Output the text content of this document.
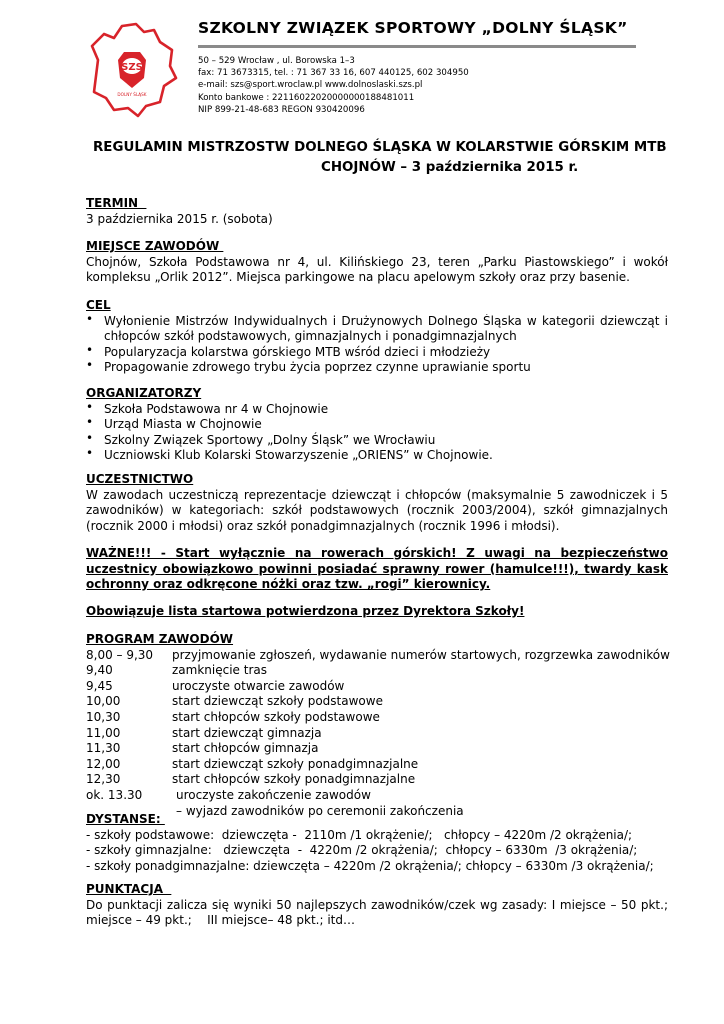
SZS
DOLNY ŚLĄSK
SZKOLNY ZWIĄZEK SPORTOWY „DOLNY ŚLĄSK”
50 – 529 Wrocław , ul. Borowska 1–3
fax: 71 3673315, tel. : 71 367 33 16, 607 440125, 602 304950
e-mail: szs@sport.wroclaw.pl www.dolnoslaski.szs.pl
Konto bankowe : 22116022020000000188481011
NIP 899-21-48-683 REGON 930420096
REGULAMIN MISTRZOSTW DOLNEGO ŚLĄSKA W KOLARSTWIE GÓRSKIM MTB
CHOJNÓW – 3 października 2015 r.
TERMIN
3 października 2015 r. (sobota)
MIEJSCE ZAWODÓW
Chojnów, Szkoła Podstawowa nr 4, ul. Kilińskiego 23, teren „Parku Piastowskiego” i wokół
kompleksu „Orlik 2012”. Miejsca parkingowe na placu apelowym szkoły oraz przy basenie.
CEL
• Wyłonienie Mistrzów Indywidualnych i Drużynowych Dolnego Śląska w kategorii dziewcząt i
chłopców szkół podstawowych, gimnazjalnych i ponadgimnazjalnych
• Popularyzacja kolarstwa górskiego MTB wśród dzieci i młodzieży
• Propagowanie zdrowego trybu życia poprzez czynne uprawianie sportu
ORGANIZATORZY
• Szkoła Podstawowa nr 4 w Chojnowie
• Urząd Miasta w Chojnowie
• Szkolny Związek Sportowy „Dolny Śląsk” we Wrocławiu
• Uczniowski Klub Kolarski Stowarzyszenie „ORIENS” w Chojnowie.
UCZESTNICTWO
W zawodach uczestniczą reprezentacje dziewcząt i chłopców (maksymalnie 5 zawodniczek i 5
zawodników) w kategoriach: szkół podstawowych (rocznik 2003/2004), szkół gimnazjalnych
(rocznik 2000 i młodsi) oraz szkół ponadgimnazjalnych (rocznik 1996 i młodsi).
WAŻNE!!! - Start wyłącznie na rowerach górskich! Z uwagi na bezpieczeństwo
uczestnicy obowiązkowo powinni posiadać sprawny rower (hamulce!!!), twardy kask
ochronny oraz odkręcone nóżki oraz tzw. „rogi” kierownicy.
Obowiązuje lista startowa potwierdzona przez Dyrektora Szkoły!
PROGRAM ZAWODÓW
8,00 – 9,30	przyjmowanie zgłoszeń, wydawanie numerów startowych, rozgrzewka zawodników
9,40	zamknięcie tras
9,45	uroczyste otwarcie zawodów
10,00	start dziewcząt szkoły podstawowe
10,30	start chłopców szkoły podstawowe
11,00	start dziewcząt gimnazja
11,30	start chłopców gimnazja
12,00	start dziewcząt szkoły ponadgimnazjalne
12,30	start chłopców szkoły ponadgimnazjalne
ok. 13.30	uroczyste zakończenie zawodów
– wyjazd zawodników po ceremonii zakończenia
DYSTANSE:
- szkoły podstawowe:  dziewczęta -  2110m /1 okrążenie/;   chłopcy – 4220m /2 okrążenia/;
- szkoły gimnazjalne:   dziewczęta  -  4220m /2 okrążenia/;  chłopcy – 6330m  /3 okrążenia/;
- szkoły ponadgimnazjalne: dziewczęta – 4220m /2 okrążenia/; chłopcy – 6330m /3 okrążenia/;
PUNKTACJA
Do punktacji zalicza się wyniki 50 najlepszych zawodników/czek wg zasady: I miejsce – 50 pkt.;
miejsce – 49 pkt.;    III miejsce– 48 pkt.; itd…
